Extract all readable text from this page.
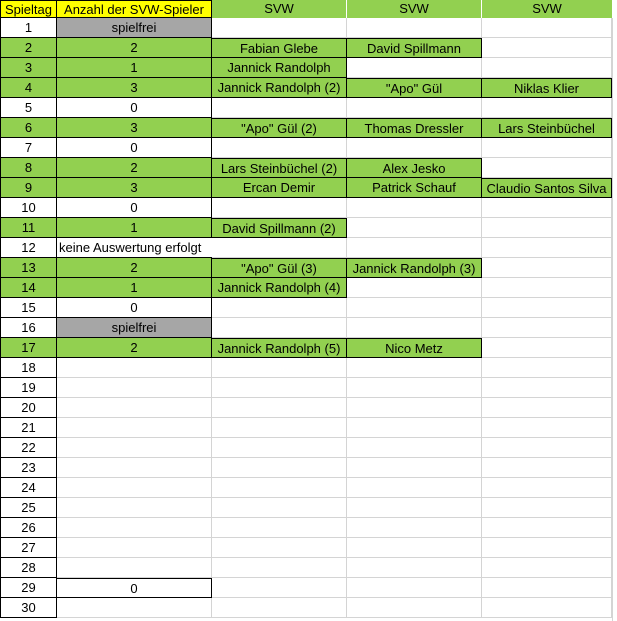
Spieltag Anzahl der SVW-Spieler	SVW	SVW	SVW
1	spielfrei
2	2	Fabian Glebe	David Spillmann
3	1	Jannick Randolph
4	3	Jannick Randolph (2)	"Apo" Gül	Niklas Klier
5	0
6	3	"Apo" Gül (2)	Thomas Dressler	Lars Steinbüchel
7	0
8	2	Lars Steinbüchel (2)	Alex Jesko
9	3	Ercan Demir	Patrick Schauf	Claudio Santos Silva
10	0
11	1	David Spillmann (2)
12	keine Auswertung erfolgt
13	2	"Apo" Gül (3)	Jannick Randolph (3)
14	1	Jannick Randolph (4)
15	0
16	spielfrei
17	2	Jannick Randolph (5)	Nico Metz
18
19
20
21
22
23
24
25
26
27
28
29	0
30
